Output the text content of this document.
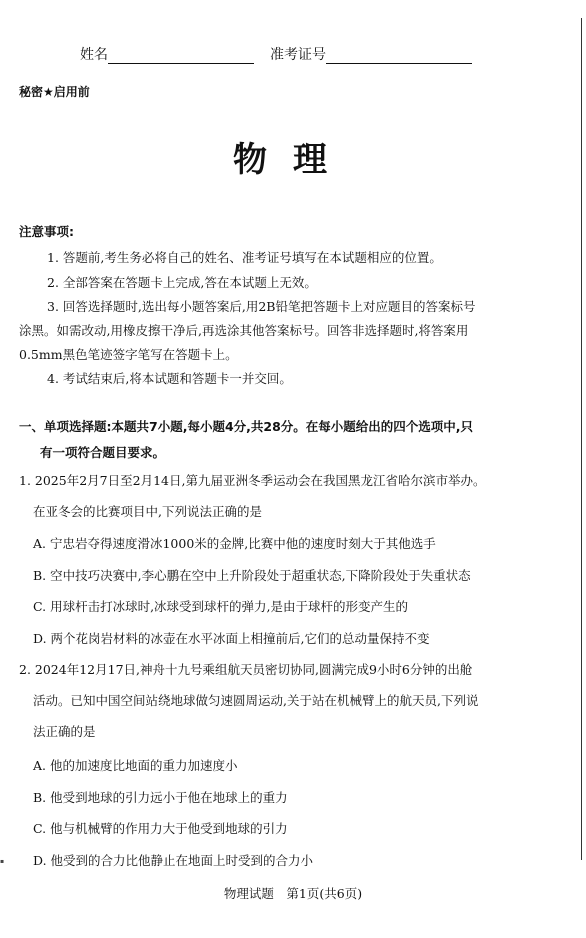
▪
姓名	准考证号
秘密★启用前
物理
注意事项:
1. 答题前,考生务必将自己的姓名、准考证号填写在本试题相应的位置。
2. 全部答案在答题卡上完成,答在本试题上无效。
3. 回答选择题时,选出每小题答案后,用2B铅笔把答题卡上对应题目的答案标号
涂黑。如需改动,用橡皮擦干净后,再选涂其他答案标号。回答非选择题时,将答案用
0.5mm黑色笔迹签字笔写在答题卡上。
4. 考试结束后,将本试题和答题卡一并交回。
一、单项选择题:本题共7小题,每小题4分,共28分。在每小题给出的四个选项中,只
有一项符合题目要求。
1. 2025年2月7日至2月14日,第九届亚洲冬季运动会在我国黑龙江省哈尔滨市举办。
在亚冬会的比赛项目中,下列说法正确的是
A. 宁忠岩夺得速度滑冰1000米的金牌,比赛中他的速度时刻大于其他选手
B. 空中技巧决赛中,李心鹏在空中上升阶段处于超重状态,下降阶段处于失重状态
C. 用球杆击打冰球时,冰球受到球杆的弹力,是由于球杆的形变产生的
D. 两个花岗岩材料的冰壶在水平冰面上相撞前后,它们的总动量保持不变
2. 2024年12月17日,神舟十九号乘组航天员密切协同,圆满完成9小时6分钟的出舱
活动。已知中国空间站绕地球做匀速圆周运动,关于站在机械臂上的航天员,下列说
法正确的是
A. 他的加速度比地面的重力加速度小
B. 他受到地球的引力远小于他在地球上的重力
C. 他与机械臂的作用力大于他受到地球的引力
D. 他受到的合力比他静止在地面上时受到的合力小
物理试题　第1页(共6页)
